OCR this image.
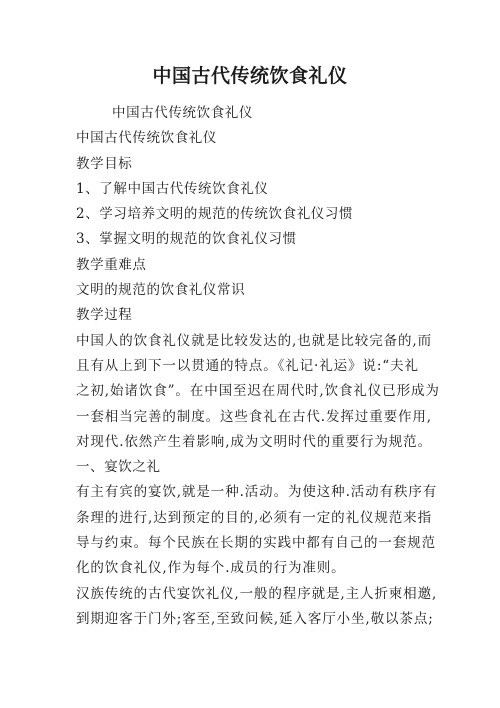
中国古代传统饮食礼仪
中国古代传统饮食礼仪
中国古代传统饮食礼仪
教学目标
1、了解中国古代传统饮食礼仪
2、学习培养文明的规范的传统饮食礼仪习惯
3、掌握文明的规范的饮食礼仪习惯
教学重难点
文明的规范的饮食礼仪常识
教学过程
中国人的饮食礼仪就是比较发达的,也就是比较完备的,而
且有从上到下一以贯通的特点。《礼记·礼运》说:“夫礼
之初,始诸饮食”。在中国至迟在周代时,饮食礼仪已形成为
一套相当完善的制度。这些食礼在古代.发挥过重要作用,
对现代.依然产生着影响,成为文明时代的重要行为规范。
一、宴饮之礼
有主有宾的宴饮,就是一种.活动。为使这种.活动有秩序有
条理的进行,达到预定的目的,必须有一定的礼仪规范来指
导与约束。每个民族在长期的实践中都有自己的一套规范
化的饮食礼仪,作为每个.成员的行为准则。
汉族传统的古代宴饮礼仪,一般的程序就是,主人折柬相邀,
到期迎客于门外;客至,至致问候,延入客厅小坐,敬以茶点;
